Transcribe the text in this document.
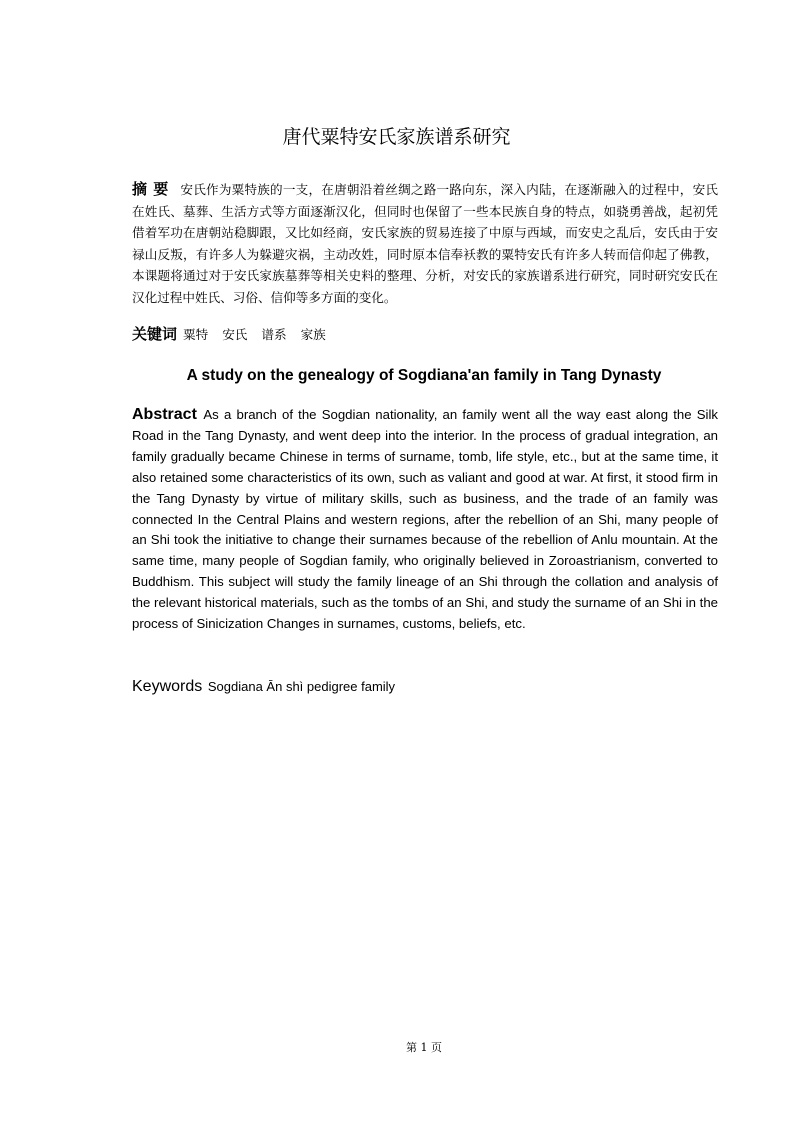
唐代粟特安氏家族谱系研究

摘要 安氏作为粟特族的一支，在唐朝沿着丝绸之路一路向东，深入内陆，在逐渐融入的过程中，安氏在姓氏、墓葬、生活方式等方面逐渐汉化，但同时也保留了一些本民族自身的特点，如骁勇善战，起初凭借着军功在唐朝站稳脚跟，又比如经商，安氏家族的贸易连接了中原与西域，而安史之乱后，安氏由于安禄山反叛，有许多人为躲避灾祸，主动改姓，同时原本信奉袄教的粟特安氏有许多人转而信仰起了佛教，本课题将通过对于安氏家族墓葬等相关史料的整理、分析，对安氏的家族谱系进行研究，同时研究安氏在汉化过程中姓氏、习俗、信仰等多方面的变化。

关键词 粟特 安氏 谱系 家族

A study on the genealogy of Sogdiana'an family in Tang Dynasty

Abstract As a branch of the Sogdian nationality, an family went all the way east along the Silk Road in the Tang Dynasty, and went deep into the interior. In the process of gradual integration, an family gradually became Chinese in terms of surname, tomb, life style, etc., but at the same time, it also retained some characteristics of its own, such as valiant and good at war. At first, it stood firm in the Tang Dynasty by virtue of military skills, such as business, and the trade of an family was connected In the Central Plains and western regions, after the rebellion of an Shi, many people of an Shi took the initiative to change their surnames because of the rebellion of Anlu mountain. At the same time, many people of Sogdian family, who originally believed in Zoroastrianism, converted to Buddhism. This subject will study the family lineage of an Shi through the collation and analysis of the relevant historical materials, such as the tombs of an Shi, and study the surname of an Shi in the process of Sinicization Changes in surnames, customs, beliefs, etc.

Keywords Sogdiana Ān shì pedigree family

第 1 页
